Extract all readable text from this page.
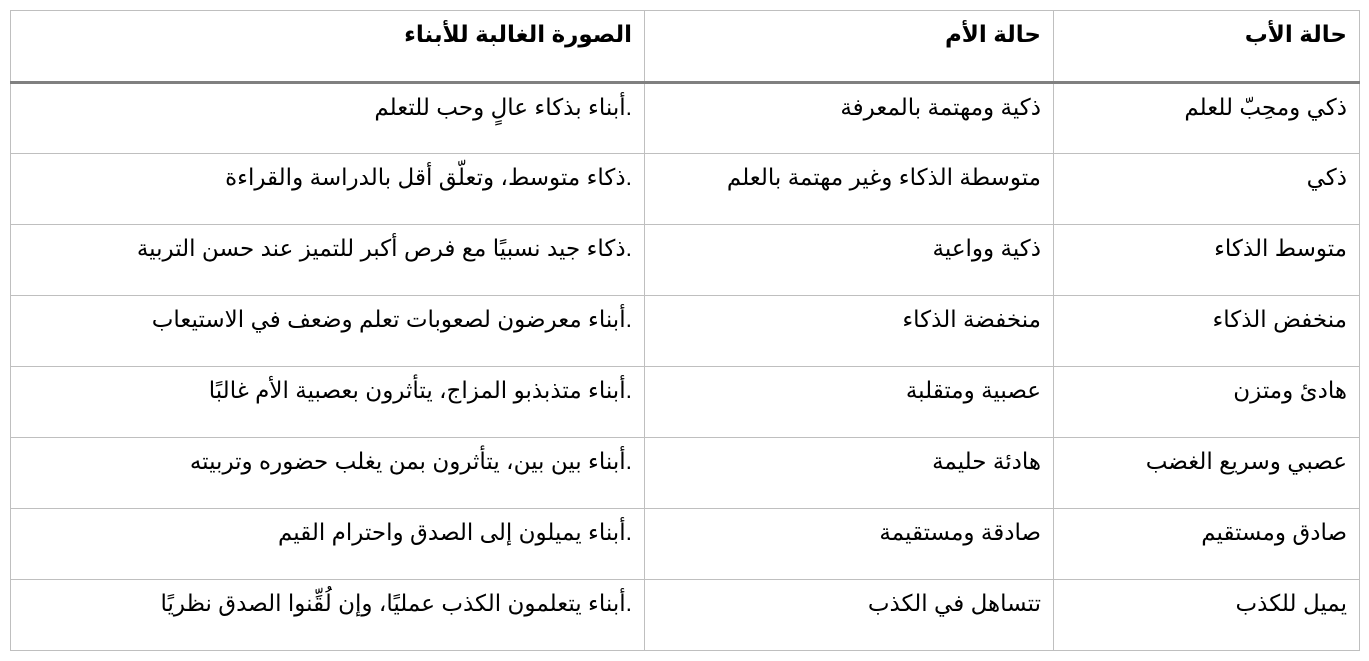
حالة الأب	حالة الأم	الصورة الغالبة للأبناء
ذكي ومحِبّ للعلم	ذكية ومهتمة بالمعرفة	.أبناء بذكاء عالٍ وحب للتعلم
ذكي	متوسطة الذكاء وغير مهتمة بالعلم	.ذكاء متوسط، وتعلّق أقل بالدراسة والقراءة
متوسط الذكاء	ذكية وواعية	.ذكاء جيد نسبيًا مع فرص أكبر للتميز عند حسن التربية
منخفض الذكاء	منخفضة الذكاء	.أبناء معرضون لصعوبات تعلم وضعف في الاستيعاب
هادئ ومتزن	عصبية ومتقلبة	.أبناء متذبذبو المزاج، يتأثرون بعصبية الأم غالبًا
عصبي وسريع الغضب	هادئة حليمة	.أبناء بين بين، يتأثرون بمن يغلب حضوره وتربيته
صادق ومستقيم	صادقة ومستقيمة	.أبناء يميلون إلى الصدق واحترام القيم
يميل للكذب	تتساهل في الكذب	.أبناء يتعلمون الكذب عمليًا، وإن لُقِّنوا الصدق نظريًا
